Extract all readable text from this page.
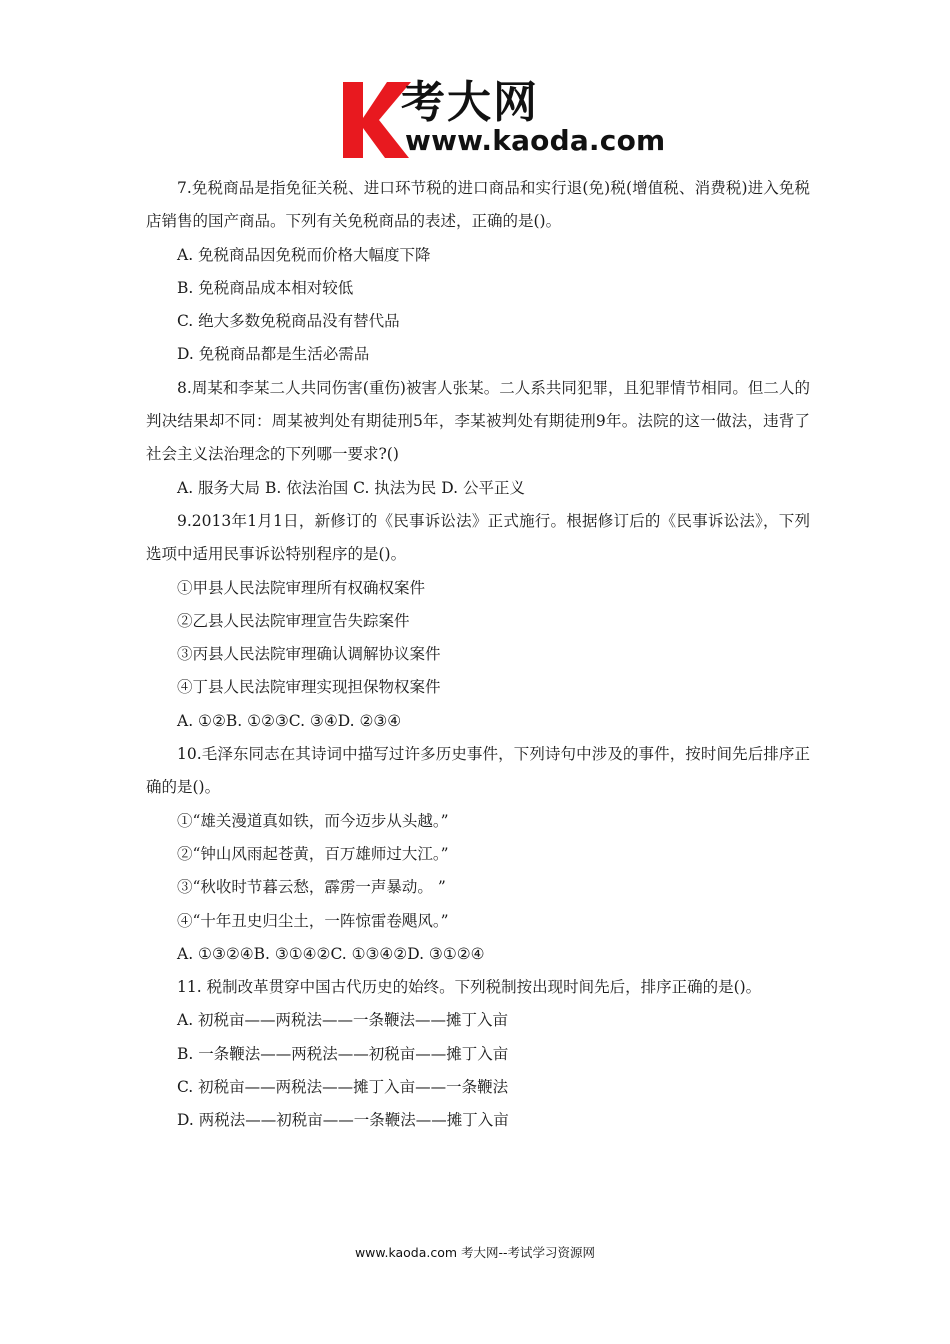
考大网
www.kaoda.com

7.免税商品是指免征关税、进口环节税的进口商品和实行退(免)税(增值税、消费税)进入免税店销售的国产商品。下列有关免税商品的表述，正确的是()。

A. 免税商品因免税而价格大幅度下降

B. 免税商品成本相对较低

C. 绝大多数免税商品没有替代品

D. 免税商品都是生活必需品

8.周某和李某二人共同伤害(重伤)被害人张某。二人系共同犯罪，且犯罪情节相同。但二人的判决结果却不同：周某被判处有期徒刑5年，李某被判处有期徒刑9年。法院的这一做法，违背了社会主义法治理念的下列哪一要求?()

A. 服务大局 B. 依法治国 C. 执法为民 D. 公平正义

9.2013年1月1日，新修订的《民事诉讼法》正式施行。根据修订后的《民事诉讼法》，下列选项中适用民事诉讼特别程序的是()。

①甲县人民法院审理所有权确权案件

②乙县人民法院审理宣告失踪案件

③丙县人民法院审理确认调解协议案件

④丁县人民法院审理实现担保物权案件

A. ①②B. ①②③C. ③④D. ②③④

10.毛泽东同志在其诗词中描写过许多历史事件，下列诗句中涉及的事件，按时间先后排序正确的是()。

①“雄关漫道真如铁，而今迈步从头越。”

②“钟山风雨起苍黄，百万雄师过大江。”

③“秋收时节暮云愁，霹雳一声暴动。 ”

④“十年丑史归尘土，一阵惊雷卷飓风。”

A. ①③②④B. ③①④②C. ①③④②D. ③①②④

11. 税制改革贯穿中国古代历史的始终。下列税制按出现时间先后，排序正确的是()。

A. 初税亩——两税法——一条鞭法——摊丁入亩

B. 一条鞭法——两税法——初税亩——摊丁入亩

C. 初税亩——两税法——摊丁入亩——一条鞭法

D. 两税法——初税亩——一条鞭法——摊丁入亩

www.kaoda.com 考大网--考试学习资源网
